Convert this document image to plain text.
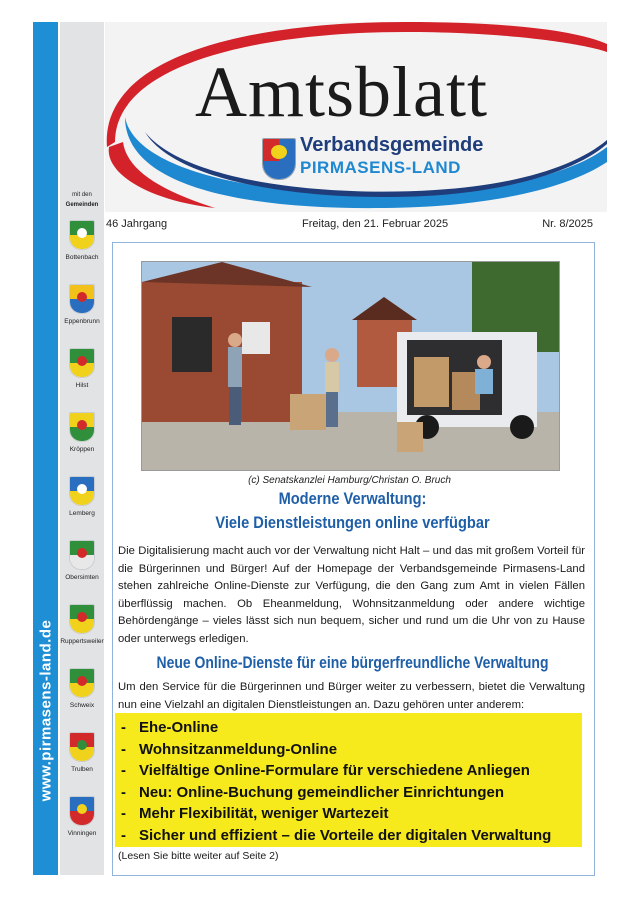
www.pirmasens-land.de
mit den
Gemeinden
Bottenbach
Eppenbrunn
Hilst
Kröppen
Lemberg
Obersimten
Ruppertsweiler
Schweix
Trulben
Vinningen
Amtsblatt
Verbandsgemeinde
PIRMASENS-LAND
46 Jahrgang	Freitag, den 21. Februar 2025	Nr. 8/2025
(c) Senatskanzlei Hamburg/Christan O. Bruch
Moderne Verwaltung:
Viele Dienstleistungen online verfügbar
Die Digitalisierung macht auch vor der Verwaltung nicht Halt – und das mit großem Vorteil für die Bürgerinnen und Bürger! Auf der Homepage der Verbandsgemeinde Pirmasens-Land stehen zahlreiche Online-Dienste zur Verfügung, die den Gang zum Amt in vielen Fällen überflüssig machen. Ob Eheanmeldung, Wohnsitzanmeldung oder andere wichtige Behördengänge – vieles lässt sich nun bequem, sicher und rund um die Uhr von zu Hause oder unterwegs erledigen.
Neue Online-Dienste für eine bürgerfreundliche Verwaltung
Um den Service für die Bürgerinnen und Bürger weiter zu verbessern, bietet die Verwaltung nun eine Vielzahl an digitalen Dienstleistungen an. Dazu gehören unter anderem:
- Ehe-Online
- Wohnsitzanmeldung-Online
- Vielfältige Online-Formulare für verschiedene Anliegen
- Neu: Online-Buchung gemeindlicher Einrichtungen
- Mehr Flexibilität, weniger Wartezeit
- Sicher und effizient – die Vorteile der digitalen Verwaltung
(Lesen Sie bitte weiter auf Seite 2)
